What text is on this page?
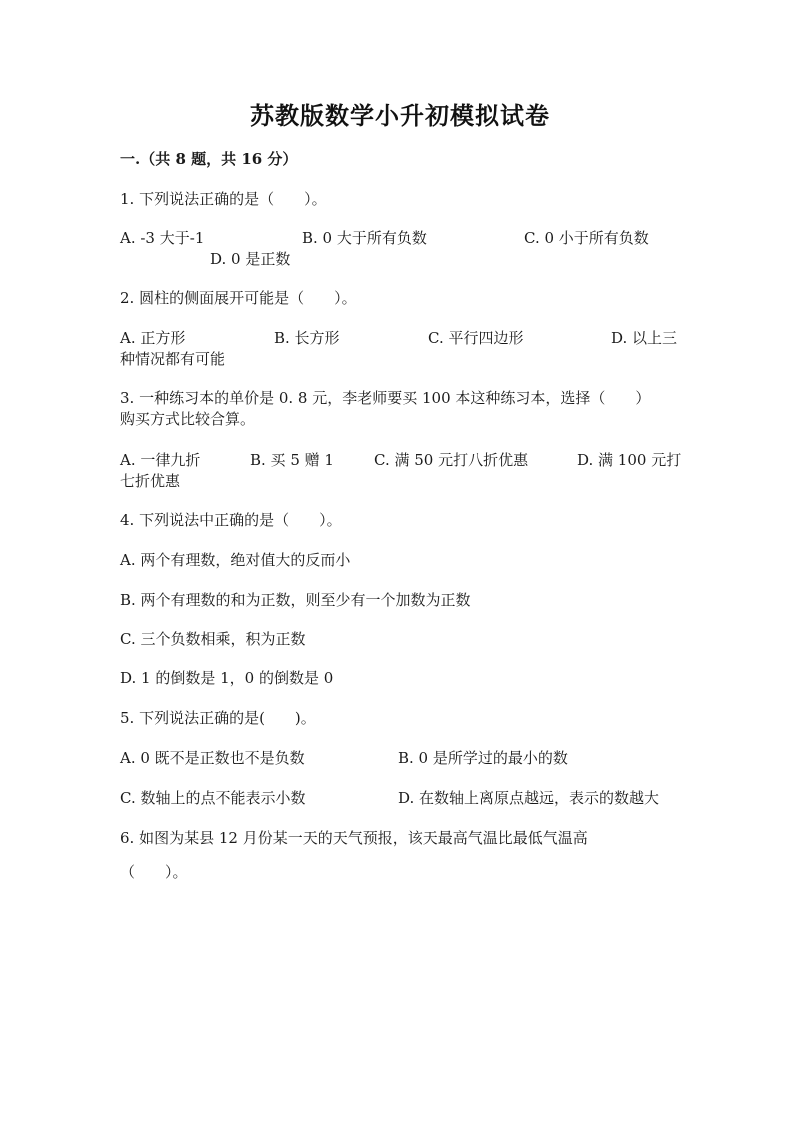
苏教版数学小升初模拟试卷
一.（共 8 题，共 16 分）
1. 下列说法正确的是（　　）。
A. -3 大于-1	B. 0 大于所有负数	C. 0 小于所有负数
D. 0 是正数
2. 圆柱的侧面展开可能是（　　）。
A. 正方形	B. 长方形	C. 平行四边形	D. 以上三
种情况都有可能
3. 一种练习本的单价是 0. 8 元，李老师要买 100 本这种练习本，选择（　　）
购买方式比较合算。
A. 一律九折	B. 买 5 赠 1	C. 满 50 元打八折优惠	D. 满 100 元打
七折优惠
4. 下列说法中正确的是（　　）。
A. 两个有理数，绝对值大的反而小
B. 两个有理数的和为正数，则至少有一个加数为正数
C. 三个负数相乘，积为正数
D. 1 的倒数是 1，0 的倒数是 0
5. 下列说法正确的是(　　)。
A. 0 既不是正数也不是负数	B. 0 是所学过的最小的数
C. 数轴上的点不能表示小数	D. 在数轴上离原点越远，表示的数越大
6. 如图为某县 12 月份某一天的天气预报，该天最高气温比最低气温高
（　　）。
